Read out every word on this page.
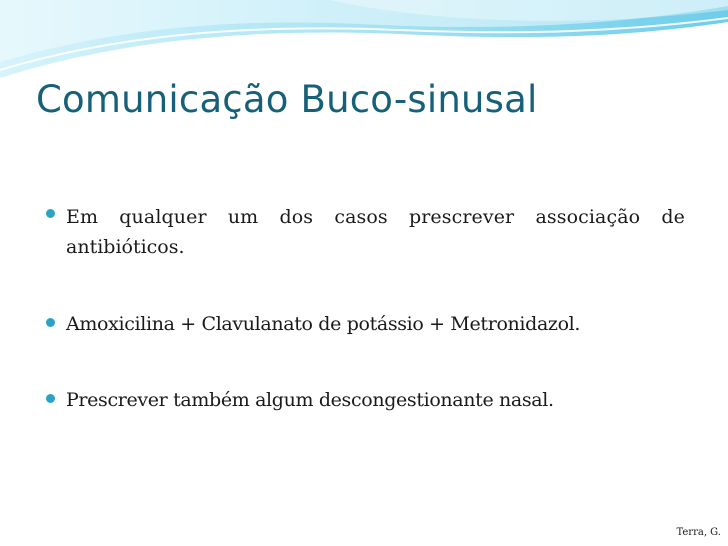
Comunicação Buco-sinusal
Em qualquer um dos casos prescrever associação de
antibióticos.
Amoxicilina + Clavulanato de potássio + Metronidazol.
Prescrever também algum descongestionante nasal.
Terra, G.
